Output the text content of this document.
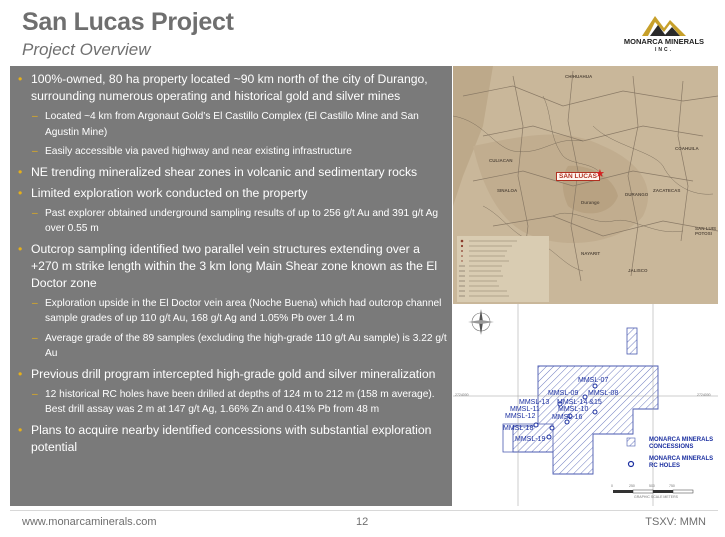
San Lucas Project
Project Overview	MONARCA MINERALS
INC.
• 100%-owned, 80 ha property located ~90 km north of the city of Durango, surrounding numerous operating and historical gold and silver mines
– Located ~4 km from Argonaut Gold’s El Castillo Complex (El Castillo Mine and San Agustin Mine)
– Easily accessible via paved highway and near existing infrastructure
• NE trending mineralized shear zones in volcanic and sedimentary rocks
• Limited exploration work conducted on the property
– Past explorer obtained underground sampling results of up to 256 g/t Au and 391 g/t Ag over 0.55 m
• Outcrop sampling identified two parallel vein structures extending over a +270 m strike length within the 3 km long Main Shear zone known as the El Doctor zone
– Exploration upside in the El Doctor vein area (Noche Buena) which had outcrop channel sample grades of up 110 g/t Au, 168 g/t Ag and 1.05% Pb over 1.4 m
– Average grade of the 89 samples (excluding the high-grade 110 g/t Au sample) is 3.22 g/t Au
• Previous drill program intercepted high-grade gold and silver mineralization
– 12 historical RC holes have been drilled at depths of 124 m to 212 m (158 m average). Best drill assay was 2 m at 147 g/t Ag, 1.66% Zn and 0.41% Pb from 48 m
• Plans to acquire nearby identified concessions with substantial exploration potential
CHIHUAHUA
COAHUILA
SINALOA
DURANGO
ZACATECAS
NAYARIT
JALISCO
SAN LUIS POTOSI
CULIACAN
Durango
SAN LUCAS
★
2724000	2724000
MMSL-07
MMSL-09 MMSL-08
MMSL-13 MMSL-14 &15
MMSL-11	MMSL-10
MMSL-12 MMSL-16
MMSL-18
MMSL-19	MONARCA MINERALS CONCESSIONS
MONARCA MINERALS RC HOLES
0	250	500	750
GRAPHIC SCALE METERS
www.monarcaminerals.com	12	TSXV: MMN
